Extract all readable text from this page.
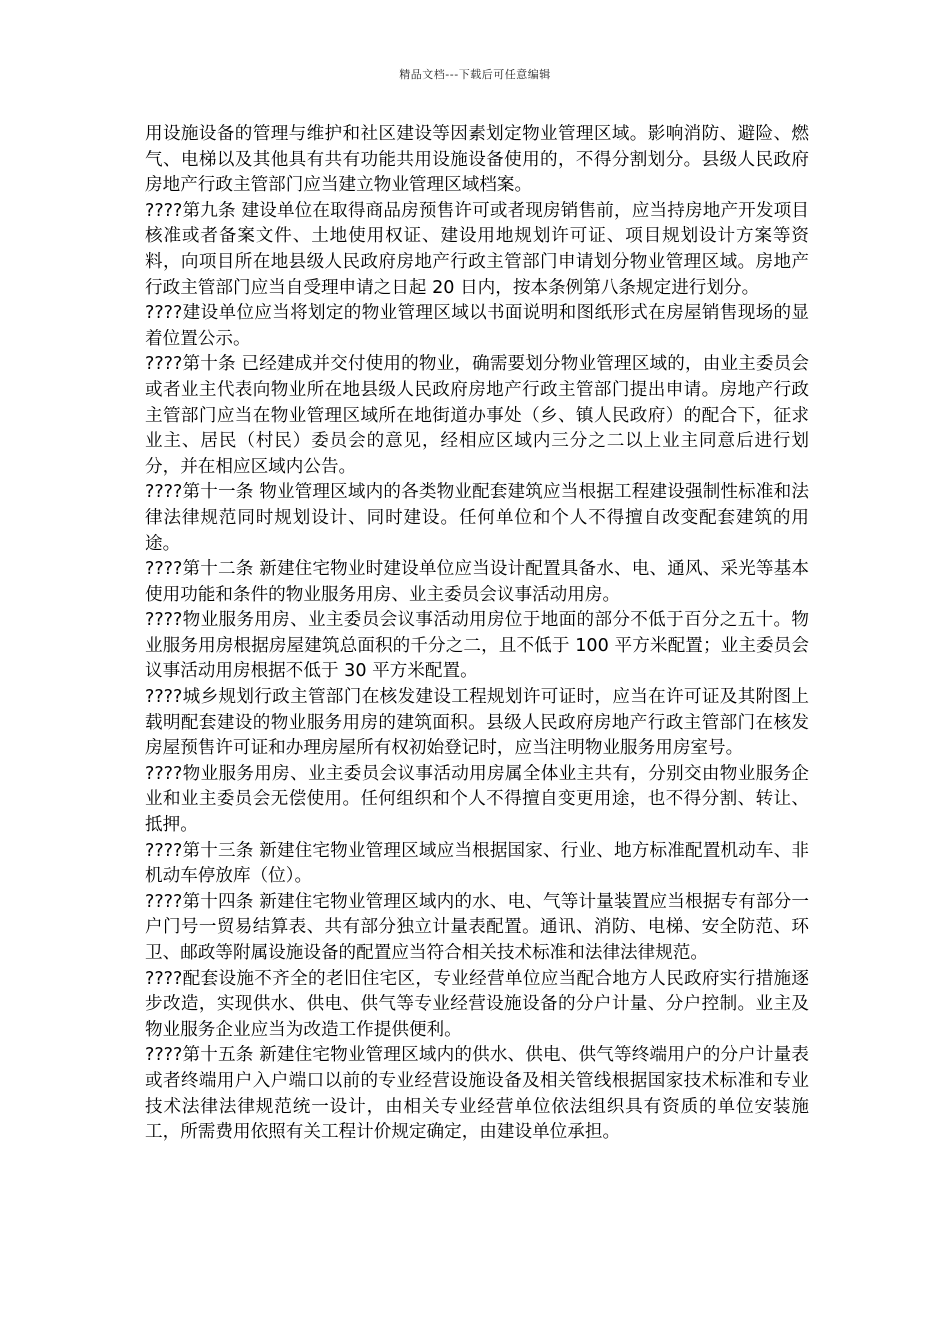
精品文档---下载后可任意编辑

用设施设备的管理与维护和社区建设等因素划定物业管理区域。影响消防、避险、燃气、电梯以及其他具有共有功能共用设施设备使用的，不得分割划分。县级人民政府房地产行政主管部门应当建立物业管理区域档案。

????第九条 建设单位在取得商品房预售许可或者现房销售前，应当持房地产开发项目核准或者备案文件、土地使用权证、建设用地规划许可证、项目规划设计方案等资料，向项目所在地县级人民政府房地产行政主管部门申请划分物业管理区域。房地产行政主管部门应当自受理申请之日起 20 日内，按本条例第八条规定进行划分。

????建设单位应当将划定的物业管理区域以书面说明和图纸形式在房屋销售现场的显着位置公示。

????第十条 已经建成并交付使用的物业，确需要划分物业管理区域的，由业主委员会或者业主代表向物业所在地县级人民政府房地产行政主管部门提出申请。房地产行政主管部门应当在物业管理区域所在地街道办事处（乡、镇人民政府）的配合下，征求业主、居民（村民）委员会的意见，经相应区域内三分之二以上业主同意后进行划分，并在相应区域内公告。

????第十一条 物业管理区域内的各类物业配套建筑应当根据工程建设强制性标准和法律法律规范同时规划设计、同时建设。任何单位和个人不得擅自改变配套建筑的用途。

????第十二条 新建住宅物业时建设单位应当设计配置具备水、电、通风、采光等基本使用功能和条件的物业服务用房、业主委员会议事活动用房。

????物业服务用房、业主委员会议事活动用房位于地面的部分不低于百分之五十。物业服务用房根据房屋建筑总面积的千分之二，且不低于 100 平方米配置；业主委员会议事活动用房根据不低于 30 平方米配置。

????城乡规划行政主管部门在核发建设工程规划许可证时，应当在许可证及其附图上载明配套建设的物业服务用房的建筑面积。县级人民政府房地产行政主管部门在核发房屋预售许可证和办理房屋所有权初始登记时，应当注明物业服务用房室号。

????物业服务用房、业主委员会议事活动用房属全体业主共有，分别交由物业服务企业和业主委员会无偿使用。任何组织和个人不得擅自变更用途，也不得分割、转让、抵押。

????第十三条 新建住宅物业管理区域应当根据国家、行业、地方标准配置机动车、非机动车停放库（位）。

????第十四条 新建住宅物业管理区域内的水、电、气等计量装置应当根据专有部分一户门号一贸易结算表、共有部分独立计量表配置。通讯、消防、电梯、安全防范、环卫、邮政等附属设施设备的配置应当符合相关技术标准和法律法律规范。

????配套设施不齐全的老旧住宅区，专业经营单位应当配合地方人民政府实行措施逐步改造，实现供水、供电、供气等专业经营设施设备的分户计量、分户控制。业主及物业服务企业应当为改造工作提供便利。

????第十五条 新建住宅物业管理区域内的供水、供电、供气等终端用户的分户计量表或者终端用户入户端口以前的专业经营设施设备及相关管线根据国家技术标准和专业技术法律法律规范统一设计，由相关专业经营单位依法组织具有资质的单位安装施工，所需费用依照有关工程计价规定确定，由建设单位承担。
